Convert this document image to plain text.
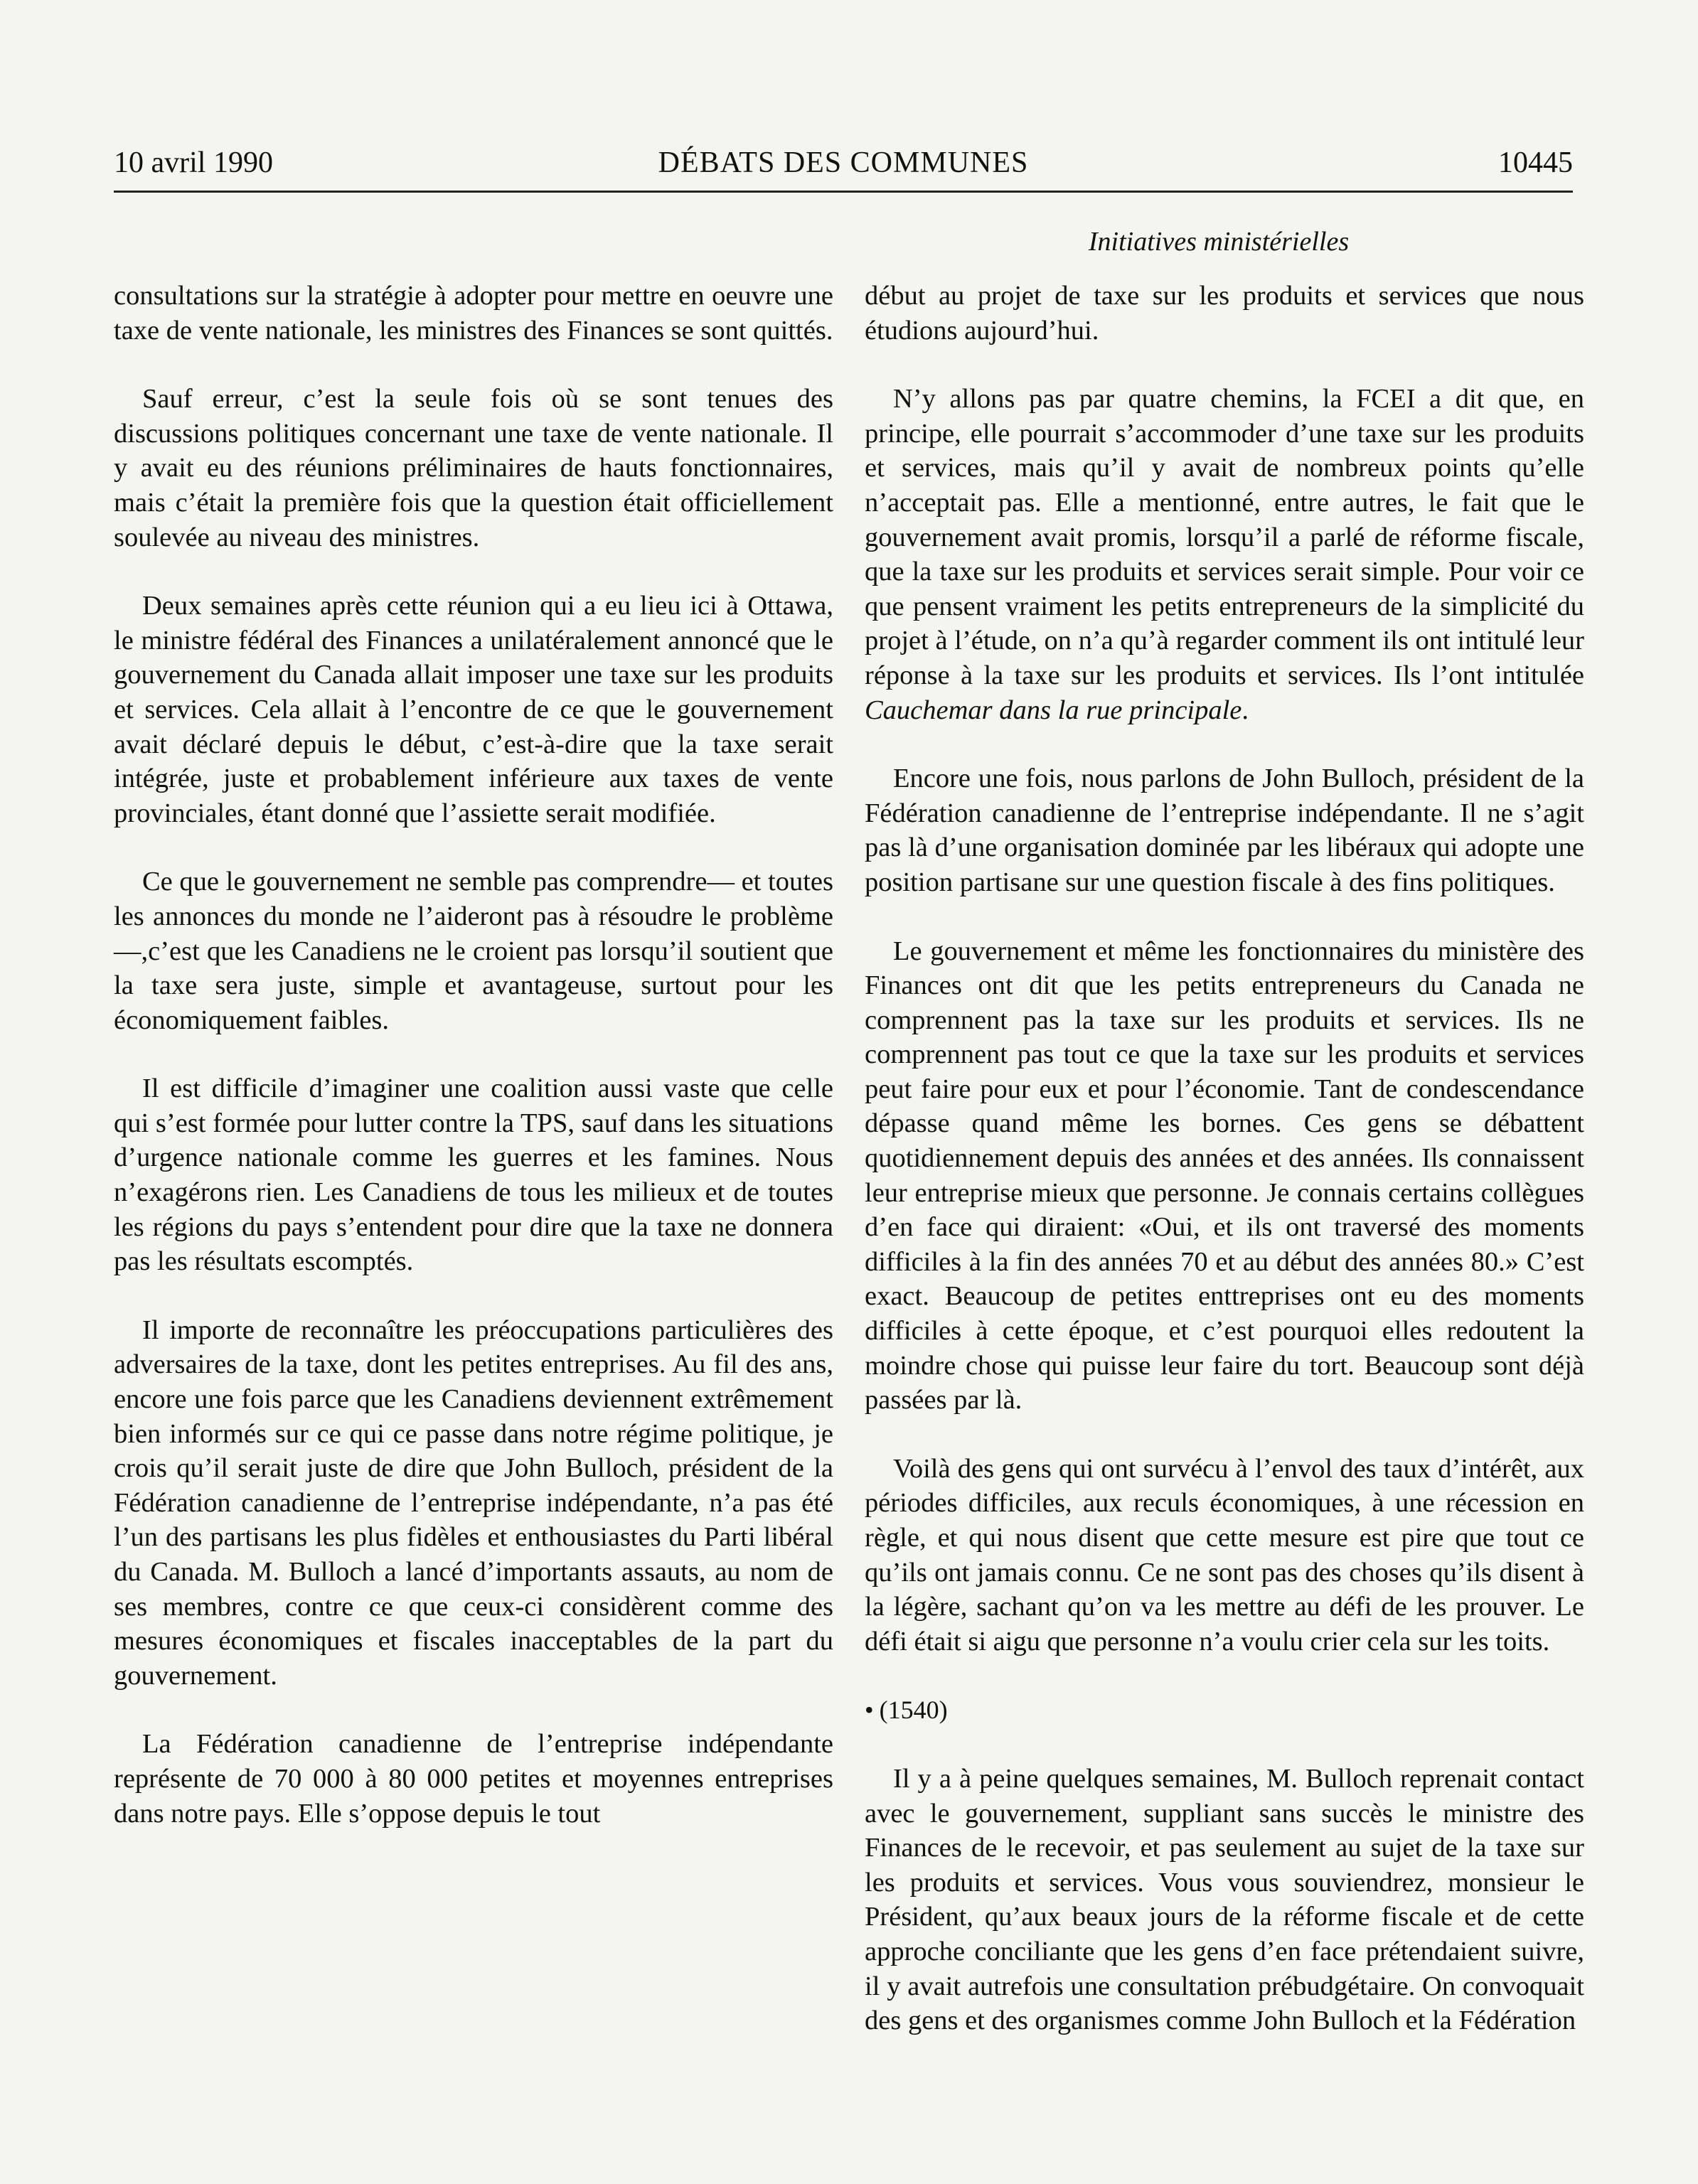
10 avril 1990	DÉBATS DES COMMUNES	10445
Initiatives ministérielles

consultations sur la stratégie à adopter pour mettre en oeuvre une taxe de vente nationale, les ministres des Finances se sont quittés.

Sauf erreur, c’est la seule fois où se sont tenues des discussions politiques concernant une taxe de vente nationale. Il y avait eu des réunions préliminaires de hauts fonctionnaires, mais c’était la première fois que la question était officiellement soulevée au niveau des ministres.

Deux semaines après cette réunion qui a eu lieu ici à Ottawa, le ministre fédéral des Finances a unilatéralement annoncé que le gouvernement du Canada allait imposer une taxe sur les produits et services. Cela allait à l’encontre de ce que le gouvernement avait déclaré depuis le début, c’est-à-dire que la taxe serait intégrée, juste et probablement inférieure aux taxes de vente provinciales, étant donné que l’assiette serait modifiée.

Ce que le gouvernement ne semble pas comprendre— et toutes les annonces du monde ne l’aideront pas à résoudre le problème—,c’est que les Canadiens ne le croient pas lorsqu’il soutient que la taxe sera juste, simple et avantageuse, surtout pour les économiquement faibles.

Il est difficile d’imaginer une coalition aussi vaste que celle qui s’est formée pour lutter contre la TPS, sauf dans les situations d’urgence nationale comme les guerres et les famines. Nous n’exagérons rien. Les Canadiens de tous les milieux et de toutes les régions du pays s’entendent pour dire que la taxe ne donnera pas les résultats escomptés.

Il importe de reconnaître les préoccupations particulières des adversaires de la taxe, dont les petites entreprises. Au fil des ans, encore une fois parce que les Canadiens deviennent extrêmement bien informés sur ce qui ce passe dans notre régime politique, je crois qu’il serait juste de dire que John Bulloch, président de la Fédération canadienne de l’entreprise indépendante, n’a pas été l’un des partisans les plus fidèles et enthousiastes du Parti libéral du Canada. M. Bulloch a lancé d’importants assauts, au nom de ses membres, contre ce que ceux-ci considèrent comme des mesures économiques et fiscales inacceptables de la part du gouvernement.

La Fédération canadienne de l’entreprise indépendante représente de 70 000 à 80 000 petites et moyennes entreprises dans notre pays. Elle s’oppose depuis le tout

début au projet de taxe sur les produits et services que nous étudions aujourd’hui.

N’y allons pas par quatre chemins, la FCEI a dit que, en principe, elle pourrait s’accommoder d’une taxe sur les produits et services, mais qu’il y avait de nombreux points qu’elle n’acceptait pas. Elle a mentionné, entre autres, le fait que le gouvernement avait promis, lorsqu’il a parlé de réforme fiscale, que la taxe sur les produits et services serait simple. Pour voir ce que pensent vraiment les petits entrepreneurs de la simplicité du projet à l’étude, on n’a qu’à regarder comment ils ont intitulé leur réponse à la taxe sur les produits et services. Ils l’ont intitulée Cauchemar dans la rue principale.

Encore une fois, nous parlons de John Bulloch, président de la Fédération canadienne de l’entreprise indépendante. Il ne s’agit pas là d’une organisation dominée par les libéraux qui adopte une position partisane sur une question fiscale à des fins politiques.

Le gouvernement et même les fonctionnaires du ministère des Finances ont dit que les petits entrepreneurs du Canada ne comprennent pas la taxe sur les produits et services. Ils ne comprennent pas tout ce que la taxe sur les produits et services peut faire pour eux et pour l’économie. Tant de condescendance dépasse quand même les bornes. Ces gens se débattent quotidiennement depuis des années et des années. Ils connaissent leur entreprise mieux que personne. Je connais certains collègues d’en face qui diraient: «Oui, et ils ont traversé des moments difficiles à la fin des années 70 et au début des années 80.» C’est exact. Beaucoup de petites enttreprises ont eu des moments difficiles à cette époque, et c’est pourquoi elles redoutent la moindre chose qui puisse leur faire du tort. Beaucoup sont déjà passées par là.

Voilà des gens qui ont survécu à l’envol des taux d’intérêt, aux périodes difficiles, aux reculs économiques, à une récession en règle, et qui nous disent que cette mesure est pire que tout ce qu’ils ont jamais connu. Ce ne sont pas des choses qu’ils disent à la légère, sachant qu’on va les mettre au défi de les prouver. Le défi était si aigu que personne n’a voulu crier cela sur les toits.

• (1540)

Il y a à peine quelques semaines, M. Bulloch reprenait contact avec le gouvernement, suppliant sans succès le ministre des Finances de le recevoir, et pas seulement au sujet de la taxe sur les produits et services. Vous vous souviendrez, monsieur le Président, qu’aux beaux jours de la réforme fiscale et de cette approche conciliante que les gens d’en face prétendaient suivre, il y avait autrefois une consultation prébudgétaire. On convoquait des gens et des organismes comme John Bulloch et la Fédération
